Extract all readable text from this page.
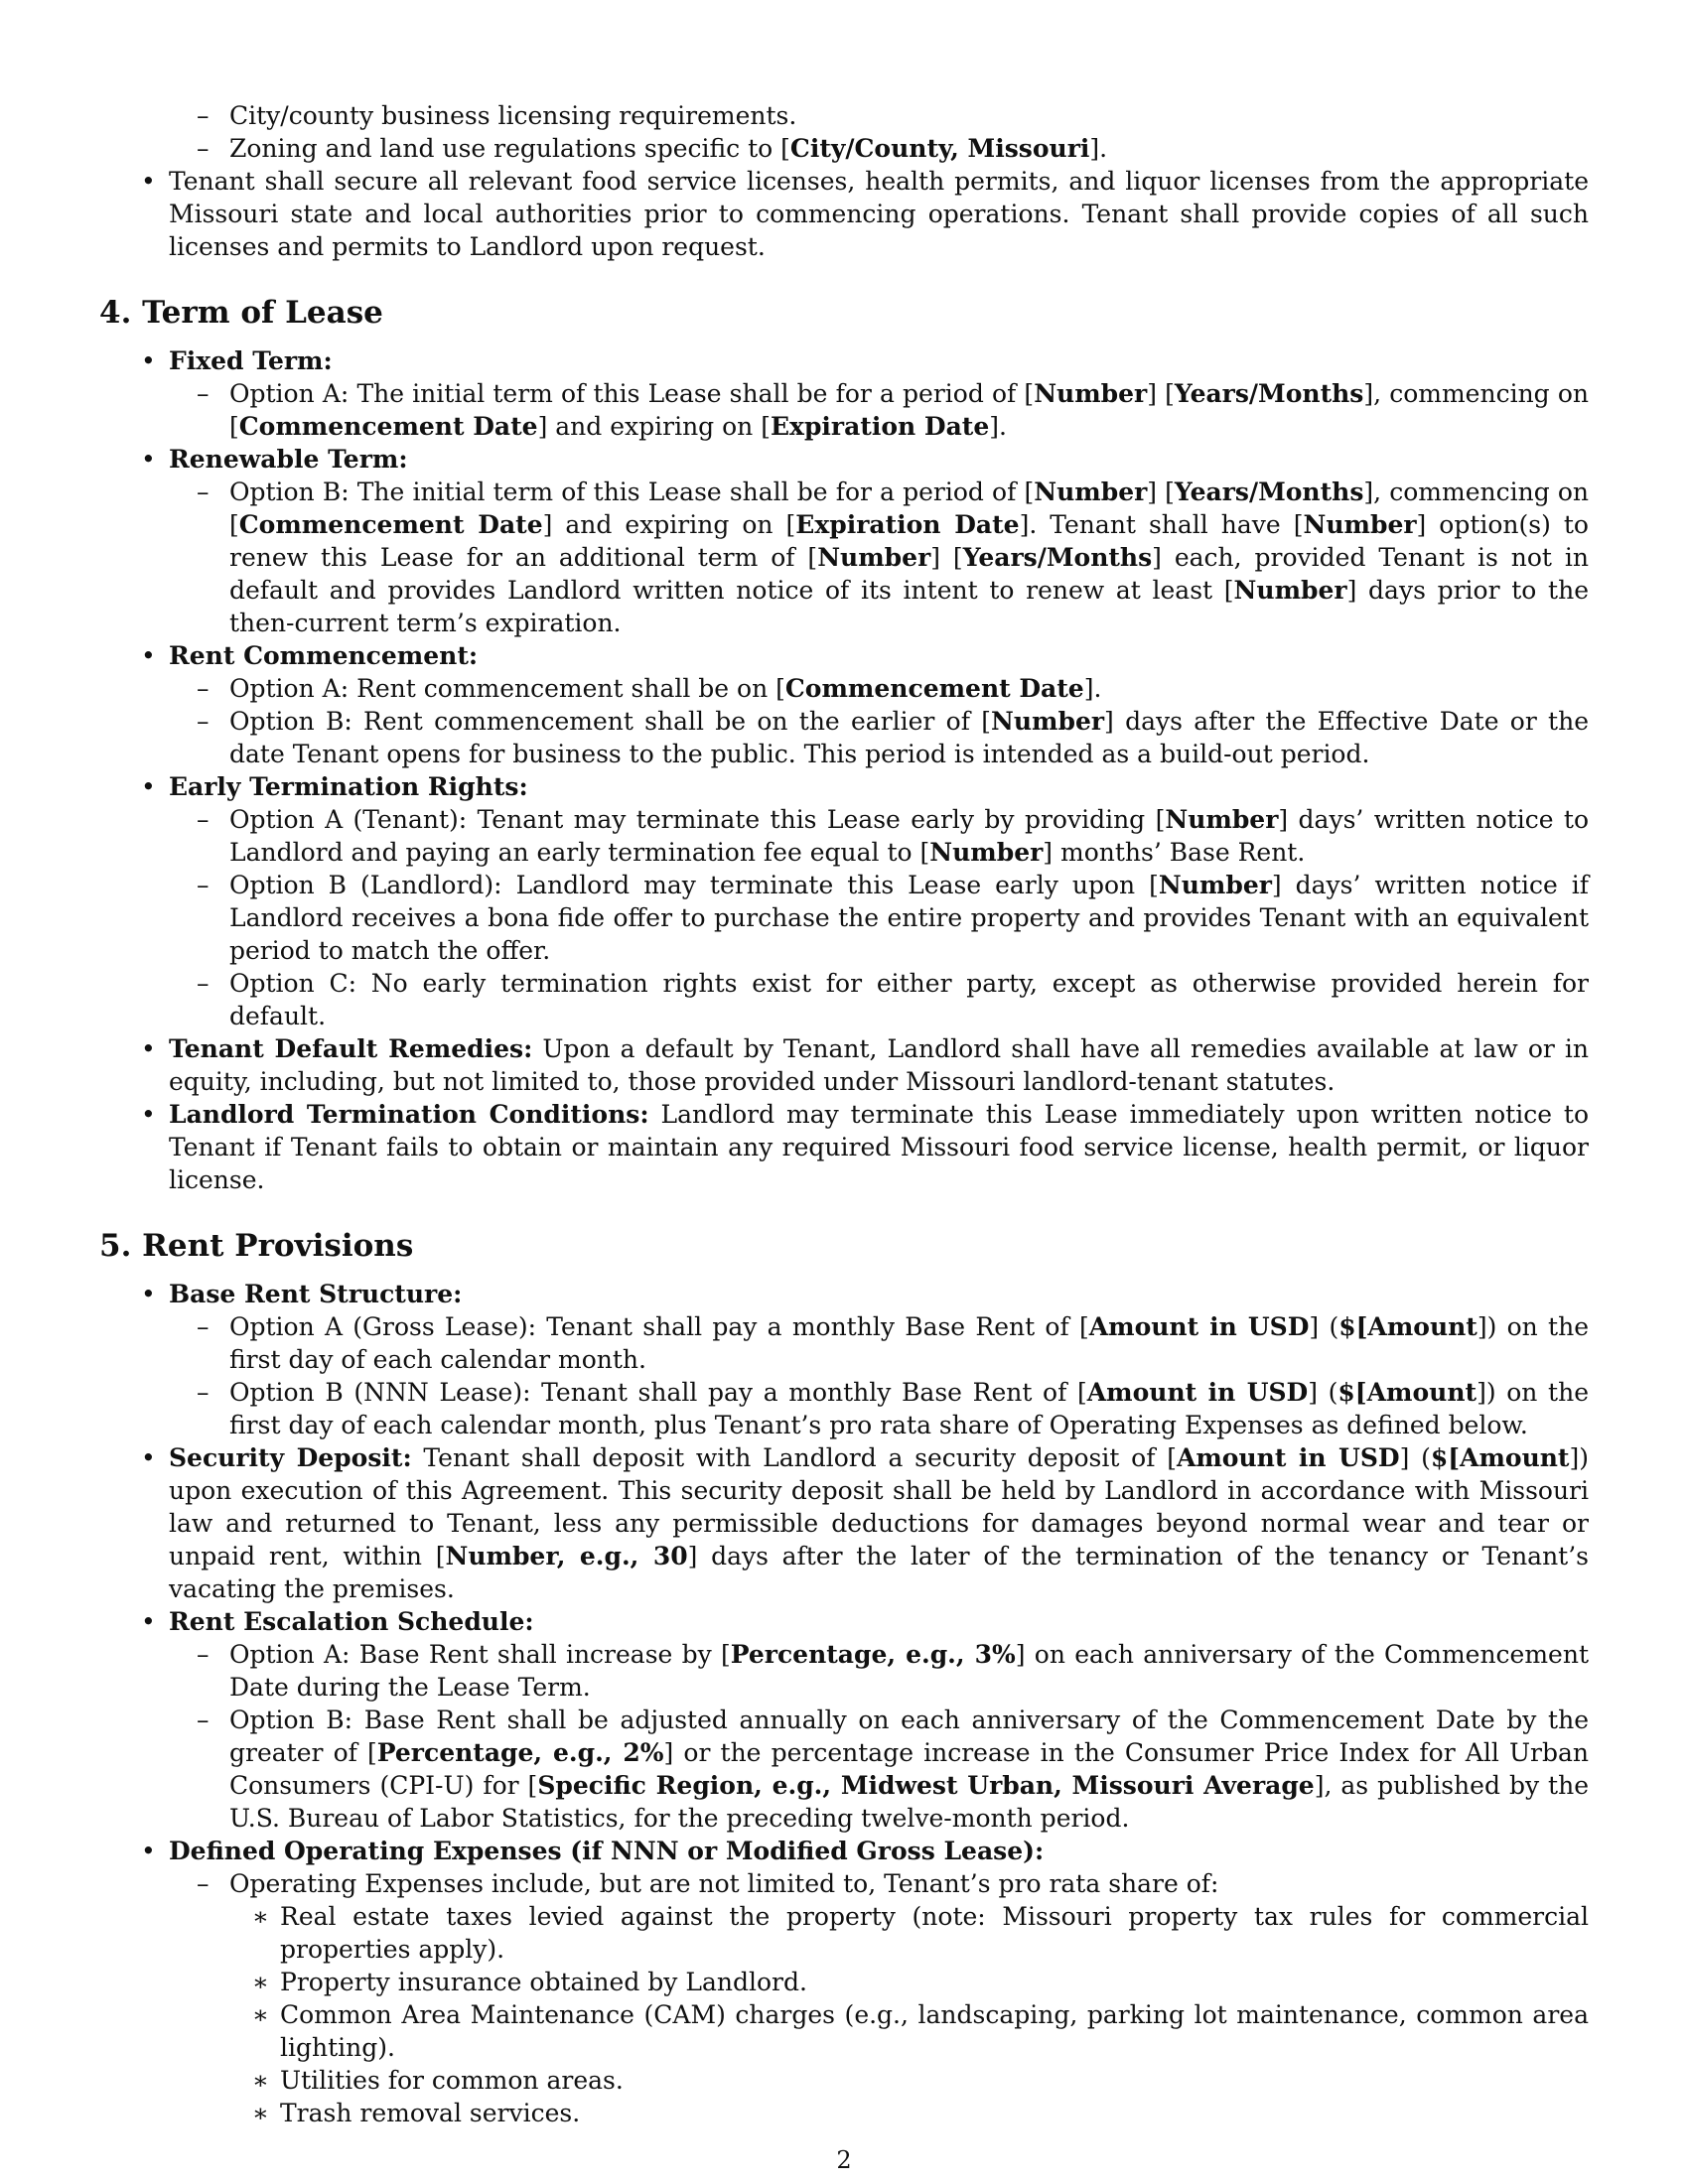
– City/county business licensing requirements.
– Zoning and land use regulations specific to [City/County, Missouri].
• Tenant shall secure all relevant food service licenses, health permits, and liquor licenses from the appropriate Missouri state and local authorities prior to commencing operations. Tenant shall provide copies of all such licenses and permits to Landlord upon request.
4. Term of Lease
• Fixed Term:
– Option A: The initial term of this Lease shall be for a period of [Number] [Years/Months], commencing on [Commencement Date] and expiring on [Expiration Date].
• Renewable Term:
– Option B: The initial term of this Lease shall be for a period of [Number] [Years/Months], commencing on [Commencement Date] and expiring on [Expiration Date]. Tenant shall have [Number] option(s) to renew this Lease for an additional term of [Number] [Years/Months] each, provided Tenant is not in default and provides Landlord written notice of its intent to renew at least [Number] days prior to the then-current term’s expiration.
• Rent Commencement:
– Option A: Rent commencement shall be on [Commencement Date].
– Option B: Rent commencement shall be on the earlier of [Number] days after the Effective Date or the date Tenant opens for business to the public. This period is intended as a build-out period.
• Early Termination Rights:
– Option A (Tenant): Tenant may terminate this Lease early by providing [Number] days’ written notice to Landlord and paying an early termination fee equal to [Number] months’ Base Rent.
– Option B (Landlord): Landlord may terminate this Lease early upon [Number] days’ written notice if Landlord receives a bona fide offer to purchase the entire property and provides Tenant with an equivalent period to match the offer.
– Option C: No early termination rights exist for either party, except as otherwise provided herein for default.
• Tenant Default Remedies: Upon a default by Tenant, Landlord shall have all remedies available at law or in equity, including, but not limited to, those provided under Missouri landlord-tenant statutes.
• Landlord Termination Conditions: Landlord may terminate this Lease immediately upon written notice to Tenant if Tenant fails to obtain or maintain any required Missouri food service license, health permit, or liquor license.
5. Rent Provisions
• Base Rent Structure:
– Option A (Gross Lease): Tenant shall pay a monthly Base Rent of [Amount in USD] ($[Amount]) on the first day of each calendar month.
– Option B (NNN Lease): Tenant shall pay a monthly Base Rent of [Amount in USD] ($[Amount]) on the first day of each calendar month, plus Tenant’s pro rata share of Operating Expenses as defined below.
• Security Deposit: Tenant shall deposit with Landlord a security deposit of [Amount in USD] ($[Amount]) upon execution of this Agreement. This security deposit shall be held by Landlord in accordance with Missouri law and returned to Tenant, less any permissible deductions for damages beyond normal wear and tear or unpaid rent, within [Number, e.g., 30] days after the later of the termination of the tenancy or Tenant’s vacating the premises.
• Rent Escalation Schedule:
– Option A: Base Rent shall increase by [Percentage, e.g., 3%] on each anniversary of the Commencement Date during the Lease Term.
– Option B: Base Rent shall be adjusted annually on each anniversary of the Commencement Date by the greater of [Percentage, e.g., 2%] or the percentage increase in the Consumer Price Index for All Urban Consumers (CPI-U) for [Specific Region, e.g., Midwest Urban, Missouri Average], as published by the U.S. Bureau of Labor Statistics, for the preceding twelve-month period.
• Defined Operating Expenses (if NNN or Modified Gross Lease):
– Operating Expenses include, but are not limited to, Tenant’s pro rata share of:
∗ Real estate taxes levied against the property (note: Missouri property tax rules for commercial properties apply).
∗ Property insurance obtained by Landlord.
∗ Common Area Maintenance (CAM) charges (e.g., landscaping, parking lot maintenance, common area lighting).
∗ Utilities for common areas.
∗ Trash removal services.
2
